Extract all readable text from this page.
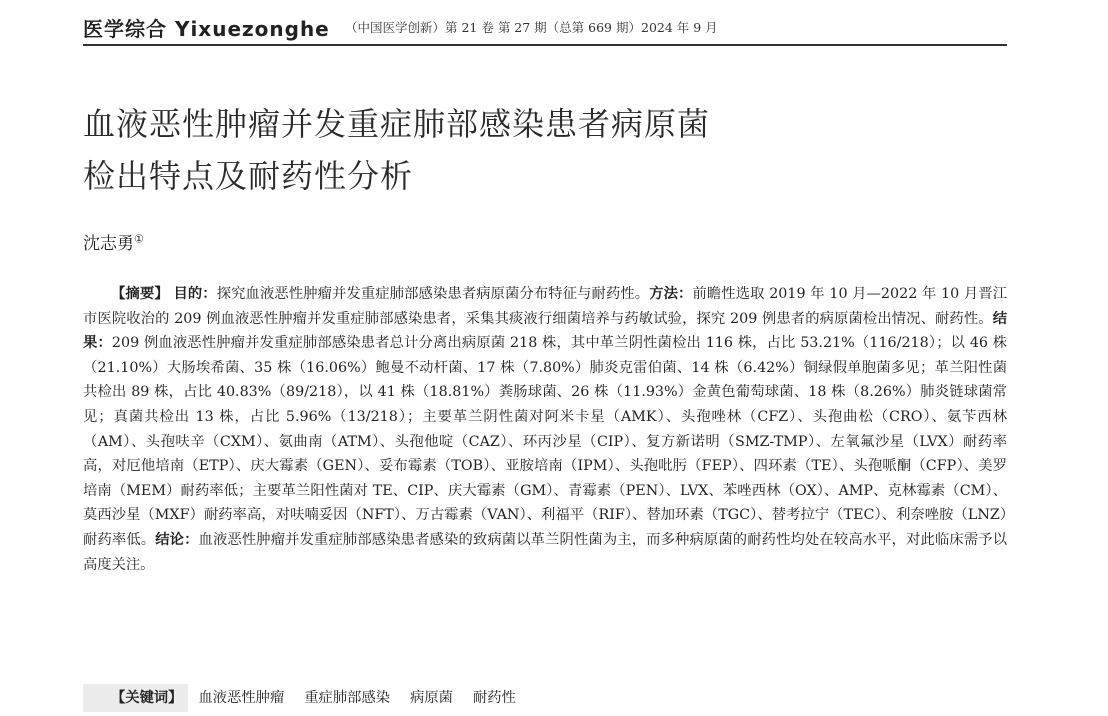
医学综合 Yixuezonghe （中国医学创新）第 21 卷 第 27 期（总第 669 期）2024 年 9 月
血液恶性肿瘤并发重症肺部感染患者病原菌
检出特点及耐药性分析
沈志勇①

【摘要】 目的：探究血液恶性肿瘤并发重症肺部感染患者病原菌分布特征与耐药性。方法：前瞻性选取 2019 年 10 月—2022 年 10 月晋江市医院收治的 209 例血液恶性肿瘤并发重症肺部感染患者，采集其痰液行细菌培养与药敏试验，探究 209 例患者的病原菌检出情况、耐药性。结果：209 例血液恶性肿瘤并发重症肺部感染患者总计分离出病原菌 218 株，其中革兰阴性菌检出 116 株，占比 53.21%（116/218）；以 46 株（21.10%）大肠埃希菌、35 株（16.06%）鲍曼不动杆菌、17 株（7.80%）肺炎克雷伯菌、14 株（6.42%）铜绿假单胞菌多见；革兰阳性菌共检出 89 株，占比 40.83%（89/218），以 41 株（18.81%）粪肠球菌、26 株（11.93%）金黄色葡萄球菌、18 株（8.26%）肺炎链球菌常见；真菌共检出 13 株，占比 5.96%（13/218）；主要革兰阴性菌对阿米卡星（AMK）、头孢唑林（CFZ）、头孢曲松（CRO）、氨苄西林（AM）、头孢呋辛（CXM）、氨曲南（ATM）、头孢他啶（CAZ）、环丙沙星（CIP）、复方新诺明（SMZ-TMP）、左氧氟沙星（LVX）耐药率高，对厄他培南（ETP）、庆大霉素（GEN）、妥布霉素（TOB）、亚胺培南（IPM）、头孢吡肟（FEP）、四环素（TE）、头孢哌酮（CFP）、美罗培南（MEM）耐药率低；主要革兰阳性菌对 TE、CIP、庆大霉素（GM）、青霉素（PEN）、LVX、苯唑西林（OX）、AMP、克林霉素（CM）、莫西沙星（MXF）耐药率高，对呋喃妥因（NFT）、万古霉素（VAN）、利福平（RIF）、替加环素（TGC）、替考拉宁（TEC）、利奈唑胺（LNZ）耐药率低。结论：血液恶性肿瘤并发重症肺部感染患者感染的致病菌以革兰阴性菌为主，而多种病原菌的耐药性均处在较高水平，对此临床需予以高度关注。

【关键词】 血液恶性肿瘤 重症肺部感染 病原菌 耐药性
